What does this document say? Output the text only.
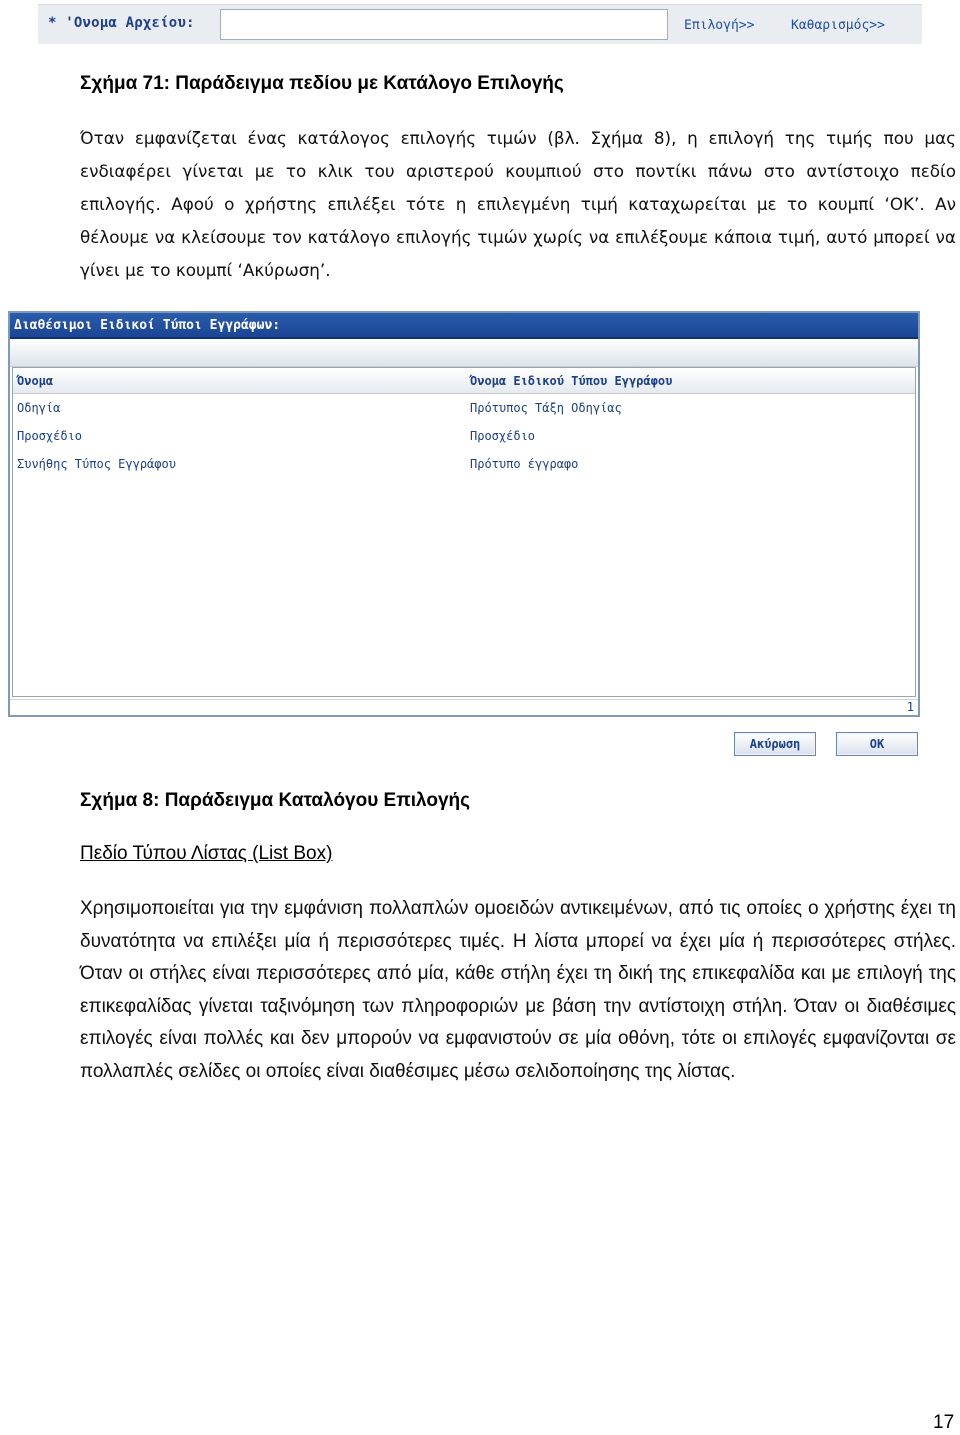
* 'Ονομα Αρχείου:	Επιλογή>>	Καθαρισμός>>
Σχήμα 71: Παράδειγμα πεδίου με Κατάλογο Επιλογής

Όταν εμφανίζεται ένας κατάλογος επιλογής τιμών (βλ. Σχήμα 8), η επιλογή της τιμής που μας ενδιαφέρει γίνεται με το κλικ του αριστερού κουμπιού στο ποντίκι πάνω στο αντίστοιχο πεδίο επιλογής. Αφού ο χρήστης επιλέξει τότε η επιλεγμένη τιμή καταχωρείται με το κουμπί ‘ΟΚ’. Αν θέλουμε να κλείσουμε τον κατάλογο επιλογής τιμών χωρίς να επιλέξουμε κάποια τιμή, αυτό μπορεί να γίνει με το κουμπί ‘Ακύρωση’.

Διαθέσιμοι Ειδικοί Τύποι Εγγράφων:
Όνομα	Όνομα Ειδικού Τύπου Εγγράφου
Οδηγία	Πρότυπος Τάξη Οδηγίας
Προσχέδιο	Προσχέδιο
Συνήθης Τύπος Εγγράφου	Πρότυπο έγγραφο
1
Ακύρωση	ΟΚ
Σχήμα 8: Παράδειγμα Καταλόγου Επιλογής
Πεδίο Τύπου Λίστας (List Box)

Χρησιμοποιείται για την εμφάνιση πολλαπλών ομοειδών αντικειμένων, από τις οποίες ο χρήστης έχει τη δυνατότητα να επιλέξει μία ή περισσότερες τιμές. Η λίστα μπορεί να έχει μία ή περισσότερες στήλες. Όταν οι στήλες είναι περισσότερες από μία, κάθε στήλη έχει τη δική της επικεφαλίδα και με επιλογή της επικεφαλίδας γίνεται ταξινόμηση των πληροφοριών με βάση την αντίστοιχη στήλη. Όταν οι διαθέσιμες επιλογές είναι πολλές και δεν μπορούν να εμφανιστούν σε μία οθόνη, τότε οι επιλογές εμφανίζονται σε πολλαπλές σελίδες οι οποίες είναι διαθέσιμες μέσω σελιδοποίησης της λίστας.

17
